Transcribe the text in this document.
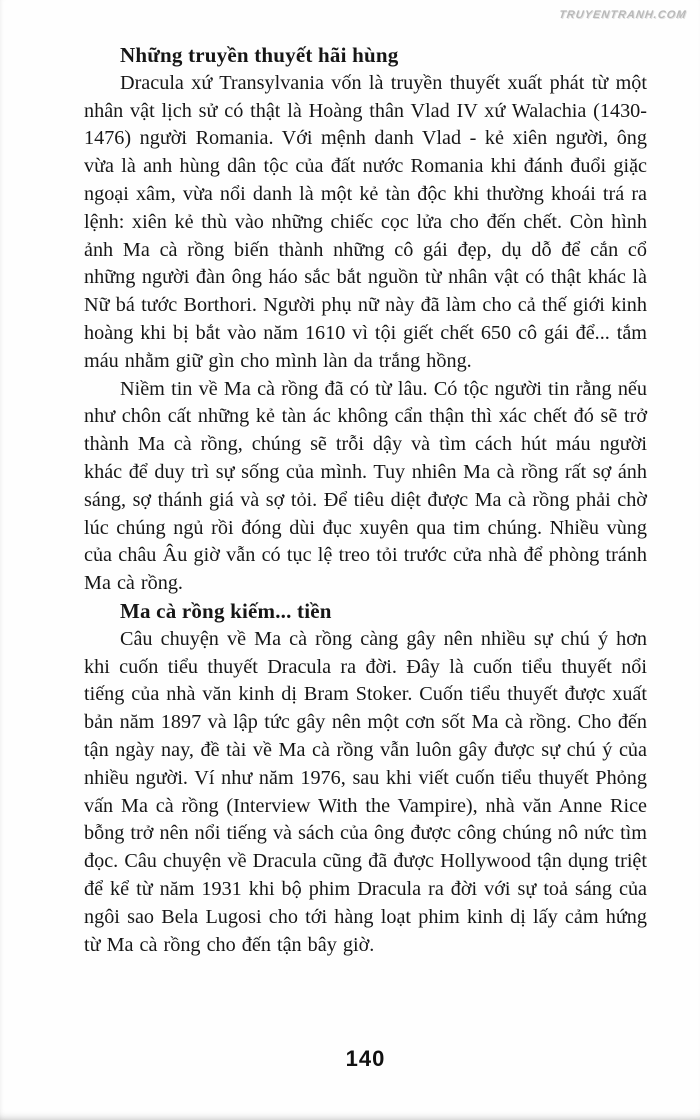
TRUYENTRANH.COM
Những truyền thuyết hãi hùng

Dracula xứ Transylvania vốn là truyền thuyết xuất phát từ một nhân vật lịch sử có thật là Hoàng thân Vlad IV xứ Walachia (1430-1476) người Romania. Với mệnh danh Vlad - kẻ xiên người, ông vừa là anh hùng dân tộc của đất nước Romania khi đánh đuổi giặc ngoại xâm, vừa nổi danh là một kẻ tàn độc khi thường khoái trá ra lệnh: xiên kẻ thù vào những chiếc cọc lửa cho đến chết. Còn hình ảnh Ma cà rồng biến thành những cô gái đẹp, dụ dỗ để cắn cổ những người đàn ông háo sắc bắt nguồn từ nhân vật có thật khác là Nữ bá tước Borthori. Người phụ nữ này đã làm cho cả thế giới kinh hoàng khi bị bắt vào năm 1610 vì tội giết chết 650 cô gái để... tắm máu nhằm giữ gìn cho mình làn da trắng hồng.

Niềm tin về Ma cà rồng đã có từ lâu. Có tộc người tin rằng nếu như chôn cất những kẻ tàn ác không cẩn thận thì xác chết đó sẽ trở thành Ma cà rồng, chúng sẽ trỗi dậy và tìm cách hút máu người khác để duy trì sự sống của mình. Tuy nhiên Ma cà rồng rất sợ ánh sáng, sợ thánh giá và sợ tỏi. Để tiêu diệt được Ma cà rồng phải chờ lúc chúng ngủ rồi đóng dùi đục xuyên qua tim chúng. Nhiều vùng của châu Âu giờ vẫn có tục lệ treo tỏi trước cửa nhà để phòng tránh Ma cà rồng.

Ma cà rồng kiếm... tiền

Câu chuyện về Ma cà rồng càng gây nên nhiều sự chú ý hơn khi cuốn tiểu thuyết Dracula ra đời. Đây là cuốn tiểu thuyết nổi tiếng của nhà văn kinh dị Bram Stoker. Cuốn tiểu thuyết được xuất bản năm 1897 và lập tức gây nên một cơn sốt Ma cà rồng. Cho đến tận ngày nay, đề tài về Ma cà rồng vẫn luôn gây được sự chú ý của nhiều người. Ví như năm 1976, sau khi viết cuốn tiểu thuyết Phỏng vấn Ma cà rồng (Interview With the Vampire), nhà văn Anne Rice bỗng trở nên nổi tiếng và sách của ông được công chúng nô nức tìm đọc. Câu chuyện về Dracula cũng đã được Hollywood tận dụng triệt để kể từ năm 1931 khi bộ phim Dracula ra đời với sự toả sáng của ngôi sao Bela Lugosi cho tới hàng loạt phim kinh dị lấy cảm hứng từ Ma cà rồng cho đến tận bây giờ.

140
